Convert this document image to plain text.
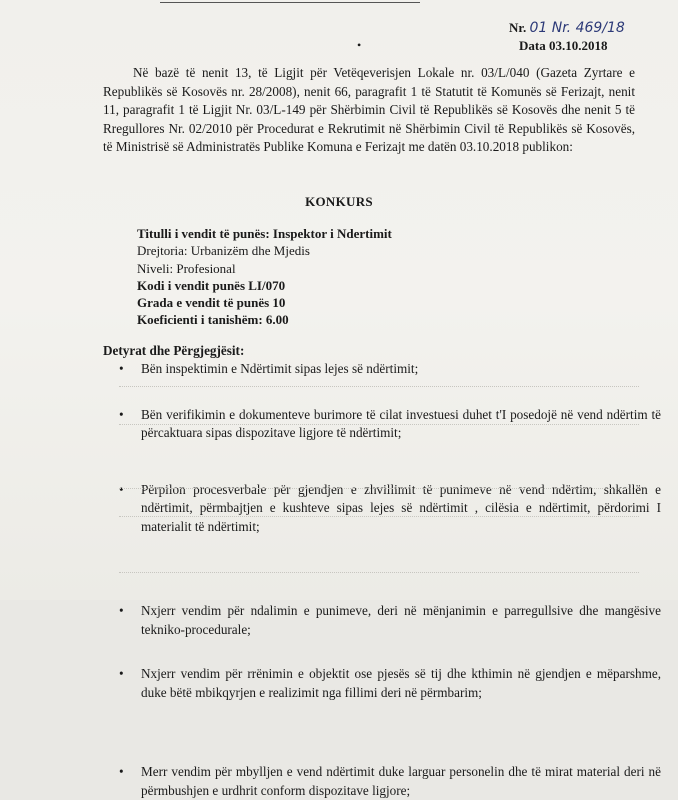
•
Nr. 01 Nr. 469/18
Data 03.10.2018

Në bazë të nenit 13, të Ligjit për Vetëqeverisjen Lokale nr. 03/L/040 (Gazeta Zyrtare e Republikës së Kosovës nr. 28/2008), nenit 66, paragrafit 1 të Statutit të Komunës së Ferizajt, nenit 11, paragrafit 1 të Ligjit Nr. 03/L-149 për Shërbimin Civil të Republikës së Kosovës dhe nenit 5 të Rregullores Nr. 02/2010 për Procedurat e Rekrutimit në Shërbimin Civil të Republikës së Kosovës, të Ministrisë së Administratës Publike Komuna e Ferizajt me datën 03.10.2018 publikon:

KONKURS
Titulli i vendit të punës: Inspektor i Ndertimit
Drejtoria: Urbanizëm dhe Mjedis
Niveli: Profesional
Kodi i vendit punës LI/070
Grada e vendit të punës 10
Koeficienti i tanishëm: 6.00
Detyrat dhe Përgjegjësit:
• Bën inspektimin e Ndërtimit sipas lejes së ndërtimit;
• Bën verifikimin e dokumenteve burimore të cilat investuesi duhet t'I posedojë në vend ndërtim të përcaktuara sipas dispozitave ligjore të ndërtimit;
• Përpilon procesverbale për gjendjen e zhvillimit të punimeve në vend ndërtim, shkallën e ndërtimit, përmbajtjen e kushteve sipas lejes së ndërtimit , cilësia e ndërtimit, përdorimi I materialit të ndërtimit;
• Nxjerr vendim për ndalimin e punimeve, deri në mënjanimin e parregullsive dhe mangësive tekniko-procedurale;
• Nxjerr vendim për rrënimin e objektit ose pjesës së tij dhe kthimin në gjendjen e mëparshme, duke bëtë mbikqyrjen e realizimit nga fillimi deri në përmbarim;
• Merr vendim për mbylljen e vend ndërtimit duke larguar personelin dhe të mirat material deri në përmbushjen e urdhrit conform dispozitave ligjore;
